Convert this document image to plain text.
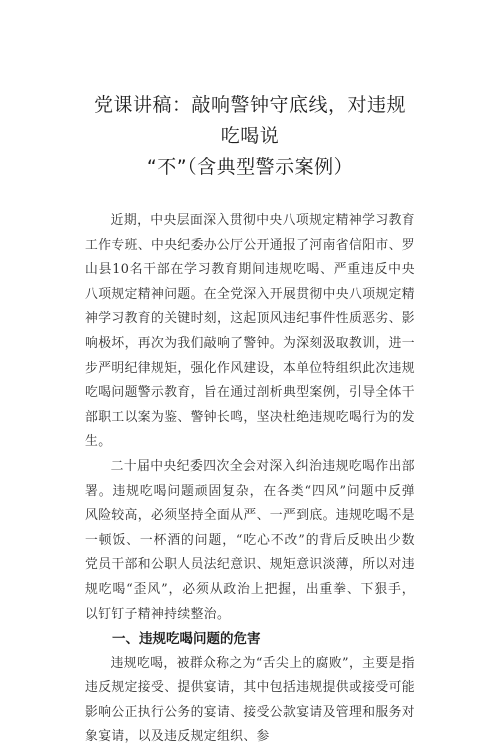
党课讲稿：敲响警钟守底线，对违规吃喝说
“不”（含典型警示案例）

近期，中央层面深入贯彻中央八项规定精神学习教育工作专班、中央纪委办公厅公开通报了河南省信阳市、罗山县10名干部在学习教育期间违规吃喝、严重违反中央八项规定精神问题。在全党深入开展贯彻中央八项规定精神学习教育的关键时刻，这起顶风违纪事件性质恶劣、影响极坏，再次为我们敲响了警钟。为深刻汲取教训，进一步严明纪律规矩，强化作风建设，本单位特组织此次违规吃喝问题警示教育，旨在通过剖析典型案例，引导全体干部职工以案为鉴、警钟长鸣，坚决杜绝违规吃喝行为的发生。

二十届中央纪委四次全会对深入纠治违规吃喝作出部署。违规吃喝问题顽固复杂，在各类“四风”问题中反弹风险较高，必须坚持全面从严、一严到底。违规吃喝不是一顿饭、一杯酒的问题，“吃心不改”的背后反映出少数党员干部和公职人员法纪意识、规矩意识淡薄，所以对违规吃喝“歪风”，必须从政治上把握，出重拳、下狠手，以钉钉子精神持续整治。

一、违规吃喝问题的危害

违规吃喝，被群众称之为“舌尖上的腐败”，主要是指违反规定接受、提供宴请，其中包括违规提供或接受可能影响公正执行公务的宴请、接受公款宴请及管理和服务对象宴请，以及违反规定组织、参
